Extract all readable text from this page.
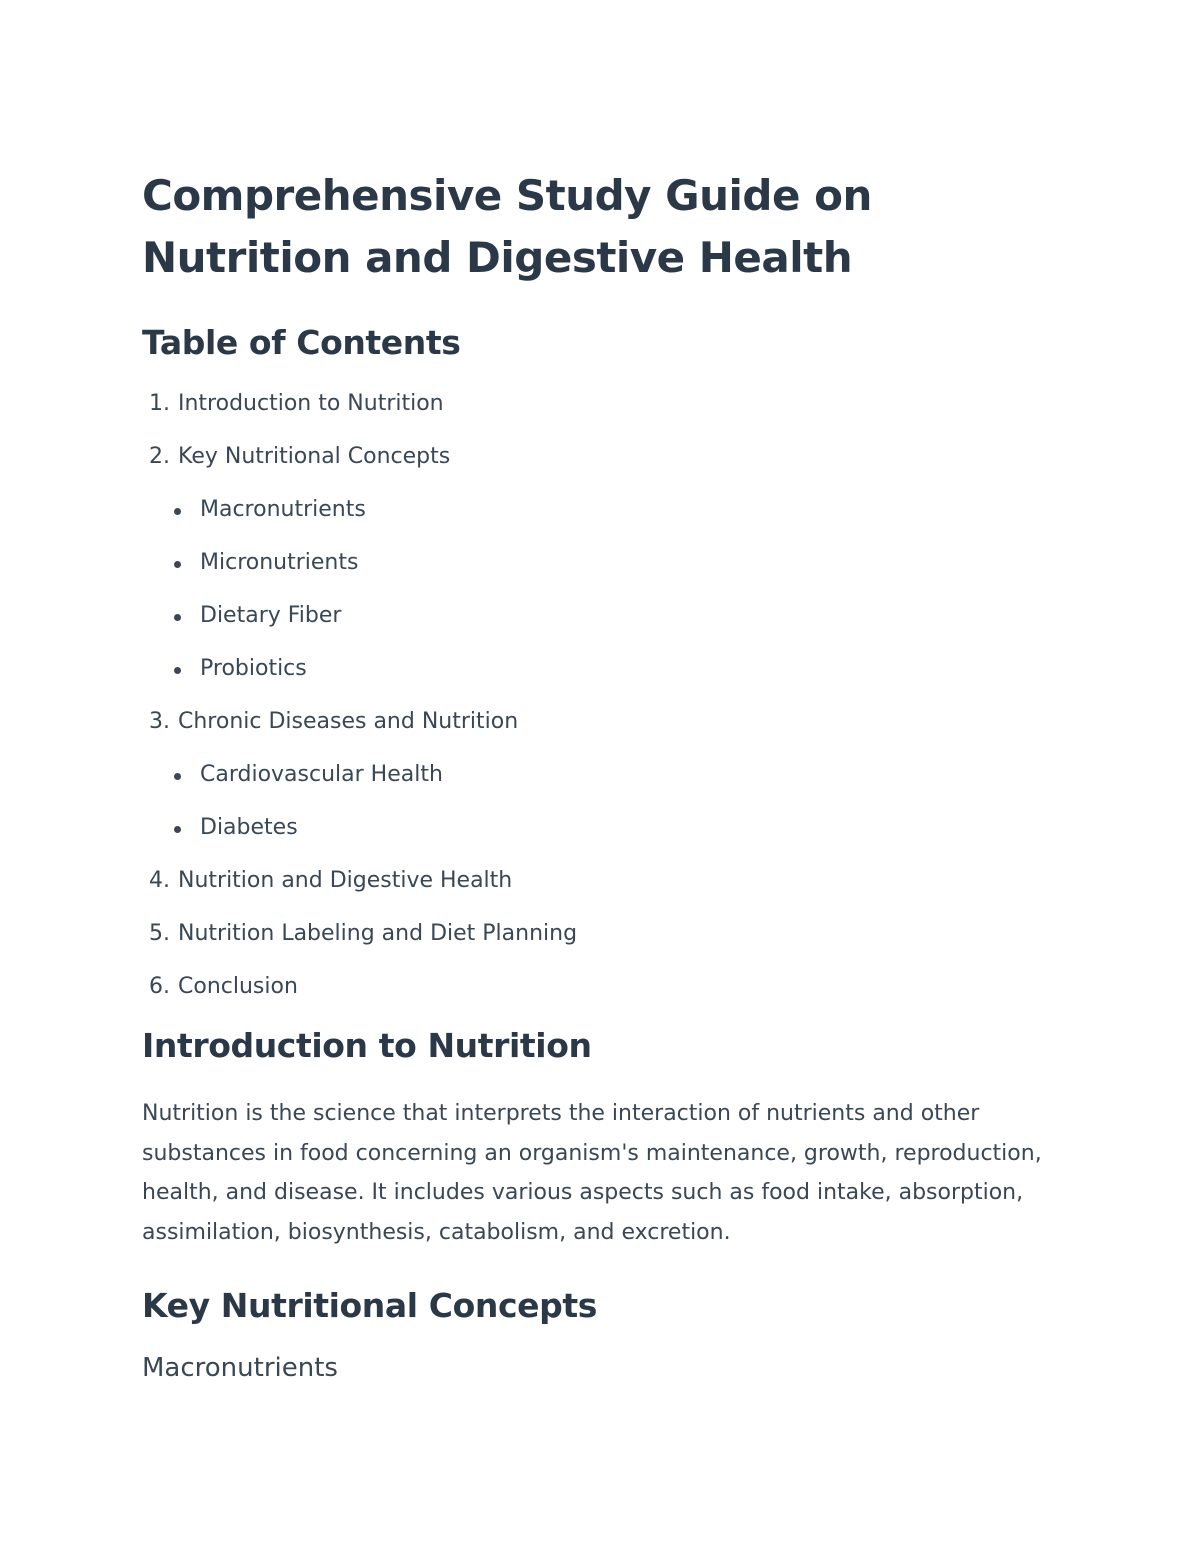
Comprehensive Study Guide on Nutrition and Digestive Health
Table of Contents
1. Introduction to Nutrition
2. Key Nutritional Concepts
Macronutrients
Micronutrients
Dietary Fiber
Probiotics
3. Chronic Diseases and Nutrition
Cardiovascular Health
Diabetes
4. Nutrition and Digestive Health
5. Nutrition Labeling and Diet Planning
6. Conclusion
Introduction to Nutrition

Nutrition is the science that interprets the interaction of nutrients and other substances in food concerning an organism's maintenance, growth, reproduction, health, and disease. It includes various aspects such as food intake, absorption, assimilation, biosynthesis, catabolism, and excretion.

Key Nutritional Concepts
Macronutrients
